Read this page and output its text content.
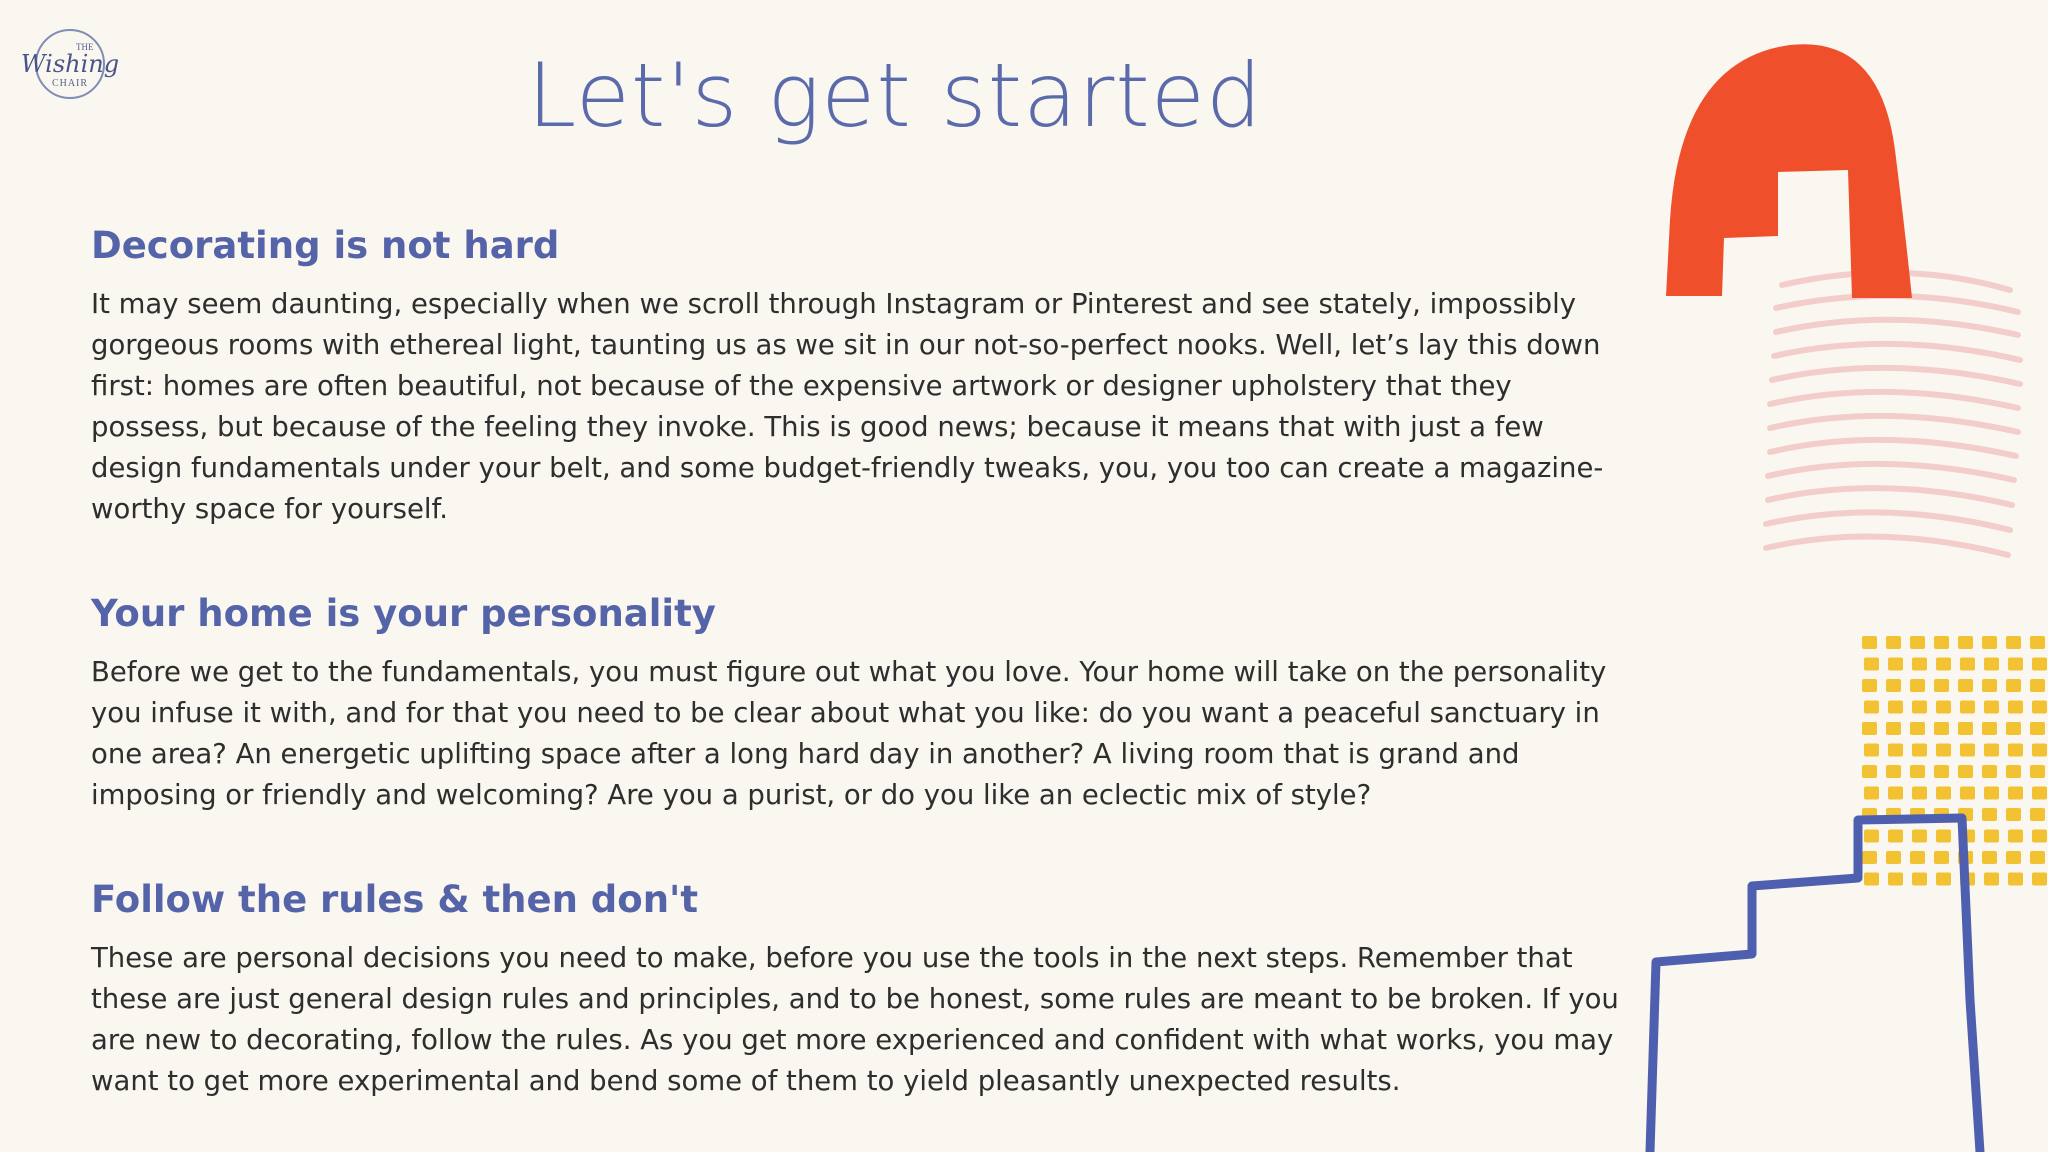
THE
Wishing
CHAIR	Let's get started
Decorating is not hard

It may seem daunting, especially when we scroll through Instagram or Pinterest and see stately, impossibly gorgeous rooms with ethereal light, taunting us as we sit in our not-so-perfect nooks. Well, let’s lay this down first: homes are often beautiful, not because of the expensive artwork or designer upholstery that they possess, but because of the feeling they invoke. This is good news; because it means that with just a few design fundamentals under your belt, and some budget-friendly tweaks, you, you too can create a magazine-worthy space for yourself.

Your home is your personality

Before we get to the fundamentals, you must figure out what you love. Your home will take on the personality you infuse it with, and for that you need to be clear about what you like: do you want a peaceful sanctuary in one area? An energetic uplifting space after a long hard day in another? A living room that is grand and imposing or friendly and welcoming? Are you a purist, or do you like an eclectic mix of style?

Follow the rules & then don't

These are personal decisions you need to make, before you use the tools in the next steps. Remember that these are just general design rules and principles, and to be honest, some rules are meant to be broken. If you are new to decorating, follow the rules. As you get more experienced and confident with what works, you may want to get more experimental and bend some of them to yield pleasantly unexpected results.
